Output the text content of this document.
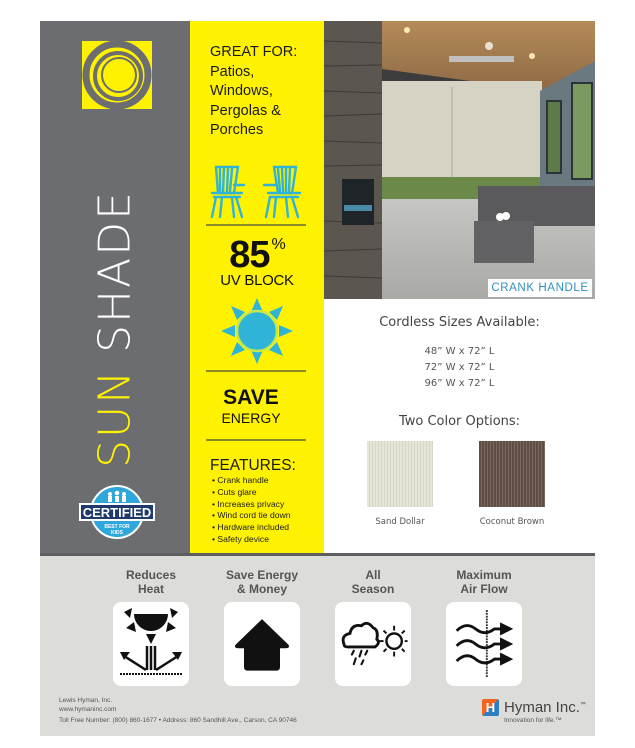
SUN SHADE
CERTIFIED
BEST FOR
KIDS
GREAT FOR:
Patios,
Windows,
Pergolas &
Porches
85 %
UV BLOCK
SAVE
ENERGY
FEATURES:
• Crank handle
• Cuts glare
• Increases privacy
• Wind cord tie down
• Hardware included
• Safety device
CRANK HANDLE
Cordless Sizes Available:
48” W x 72” L
72” W x 72” L
96” W x 72” L
Two Color Options:
Sand Dollar	Coconut Brown
Reduces
Heat
Save Energy
& Money
All
Season
Maximum
Air Flow
Lewis Hyman, Inc.
www.hymaninc.com
Toll Free Number: (800) 860-1677 • Address: 860 Sandhill Ave., Carson, CA 90746
H Hyman Inc.™
Innovation for life.™
